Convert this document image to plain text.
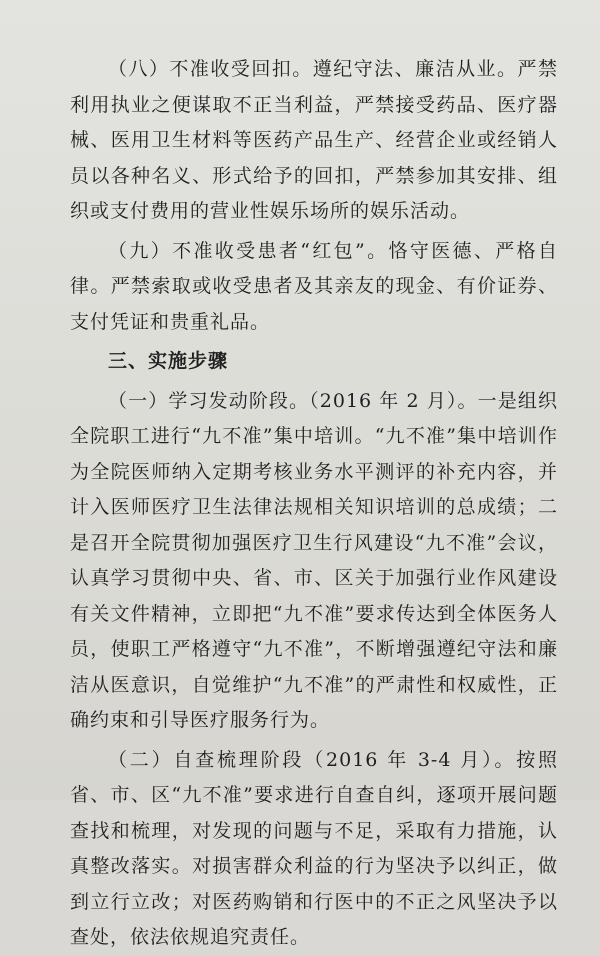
（八）不准收受回扣。遵纪守法、廉洁从业。严禁利用执业之便谋取不正当利益，严禁接受药品、医疗器械、医用卫生材料等医药产品生产、经营企业或经销人员以各种名义、形式给予的回扣，严禁参加其安排、组织或支付费用的营业性娱乐场所的娱乐活动。

（九）不准收受患者“红包”。恪守医德、严格自律。严禁索取或收受患者及其亲友的现金、有价证券、支付凭证和贵重礼品。

三、实施步骤

（一）学习发动阶段。（2016 年 2 月）。一是组织全院职工进行“九不准”集中培训。“九不准”集中培训作为全院医师纳入定期考核业务水平测评的补充内容，并计入医师医疗卫生法律法规相关知识培训的总成绩；二是召开全院贯彻加强医疗卫生行风建设“九不准”会议，认真学习贯彻中央、省、市、区关于加强行业作风建设有关文件精神，立即把“九不准”要求传达到全体医务人员，使职工严格遵守“九不准”，不断增强遵纪守法和廉洁从医意识，自觉维护“九不准”的严肃性和权威性，正确约束和引导医疗服务行为。

（二）自查梳理阶段（2016 年 3-4 月）。按照省、市、区“九不准”要求进行自查自纠，逐项开展问题查找和梳理，对发现的问题与不足，采取有力措施，认真整改落实。对损害群众利益的行为坚决予以纠正，做到立行立改；对医药购销和行医中的不正之风坚决予以查处，依法依规追究责任。
